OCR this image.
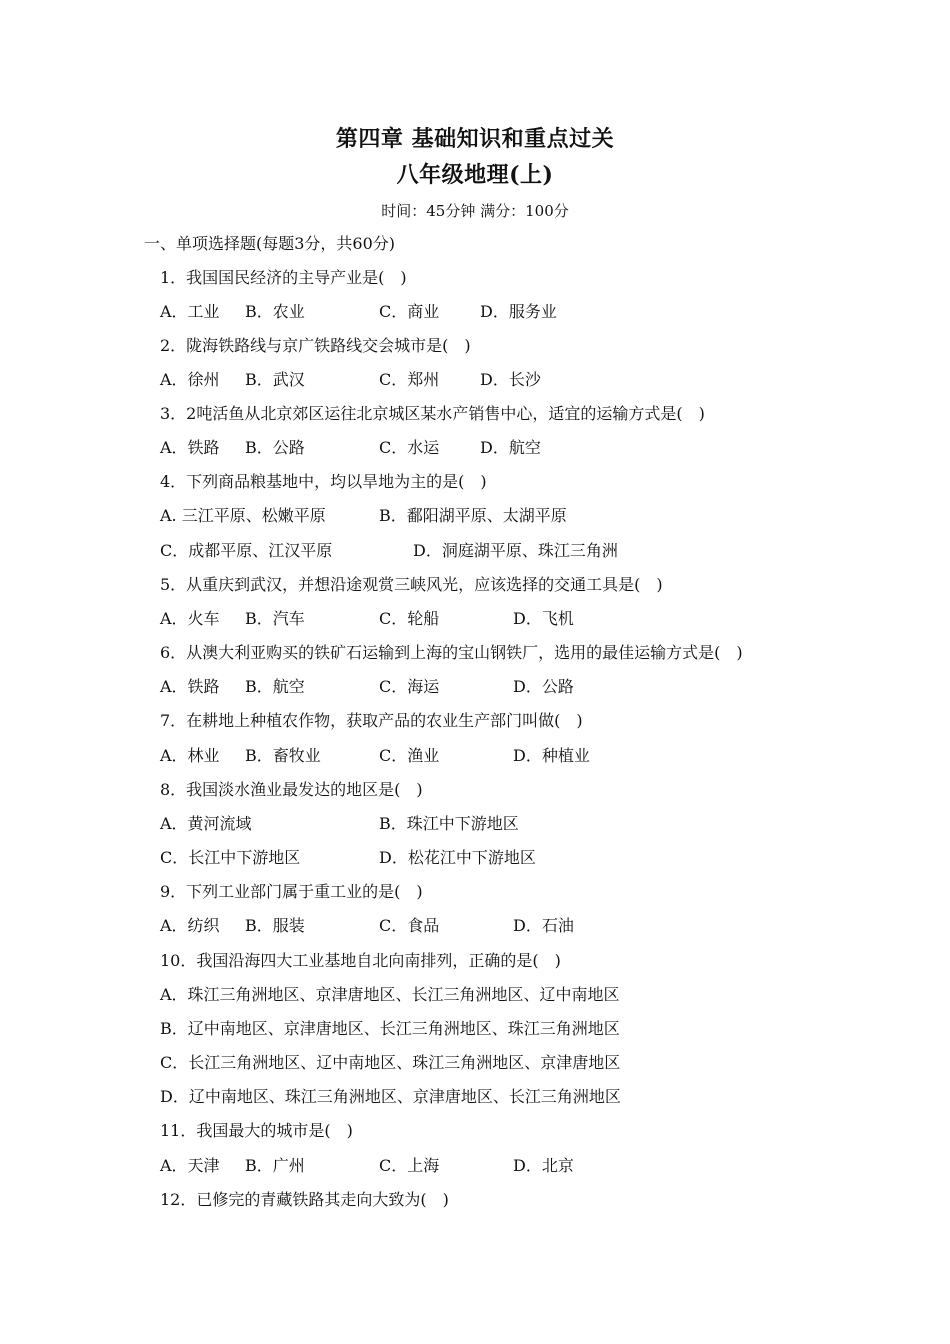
第四章 基础知识和重点过关
八年级地理(上)
时间：45分钟 满分：100分
一、单项选择题(每题3分，共60分)
1．我国国民经济的主导产业是(　)
A．工业 B．农业	C．商业	D．服务业
2．陇海铁路线与京广铁路线交会城市是(　)
A．徐州 B．武汉	C．郑州	D．长沙
3．2吨活鱼从北京郊区运往北京城区某水产销售中心，适宜的运输方式是(　)
A．铁路 B．公路	C．水运	D．航空
4．下列商品粮基地中，均以旱地为主的是(　)
A. 三江平原、松嫩平原	B．鄱阳湖平原、太湖平原
C．成都平原、江汉平原	D．洞庭湖平原、珠江三角洲
5．从重庆到武汉，并想沿途观赏三峡风光，应该选择的交通工具是(　)
A．火车 B．汽车	C．轮船	D．飞机
6．从澳大利亚购买的铁矿石运输到上海的宝山钢铁厂，选用的最佳运输方式是(　)
A．铁路 B．航空	C．海运	D．公路
7．在耕地上种植农作物，获取产品的农业生产部门叫做(　)
A．林业 B．畜牧业	C．渔业	D．种植业
8．我国淡水渔业最发达的地区是(　)
A．黄河流域	B．珠江中下游地区
C．长江中下游地区	D．松花江中下游地区
9．下列工业部门属于重工业的是(　)
A．纺织 B．服装	C．食品	D．石油
10．我国沿海四大工业基地自北向南排列，正确的是(　)
A．珠江三角洲地区、京津唐地区、长江三角洲地区、辽中南地区
B．辽中南地区、京津唐地区、长江三角洲地区、珠江三角洲地区
C．长江三角洲地区、辽中南地区、珠江三角洲地区、京津唐地区
D．辽中南地区、珠江三角洲地区、京津唐地区、长江三角洲地区
11．我国最大的城市是(　)
A．天津 B．广州	C．上海	D．北京
12．已修完的青藏铁路其走向大致为(　)
